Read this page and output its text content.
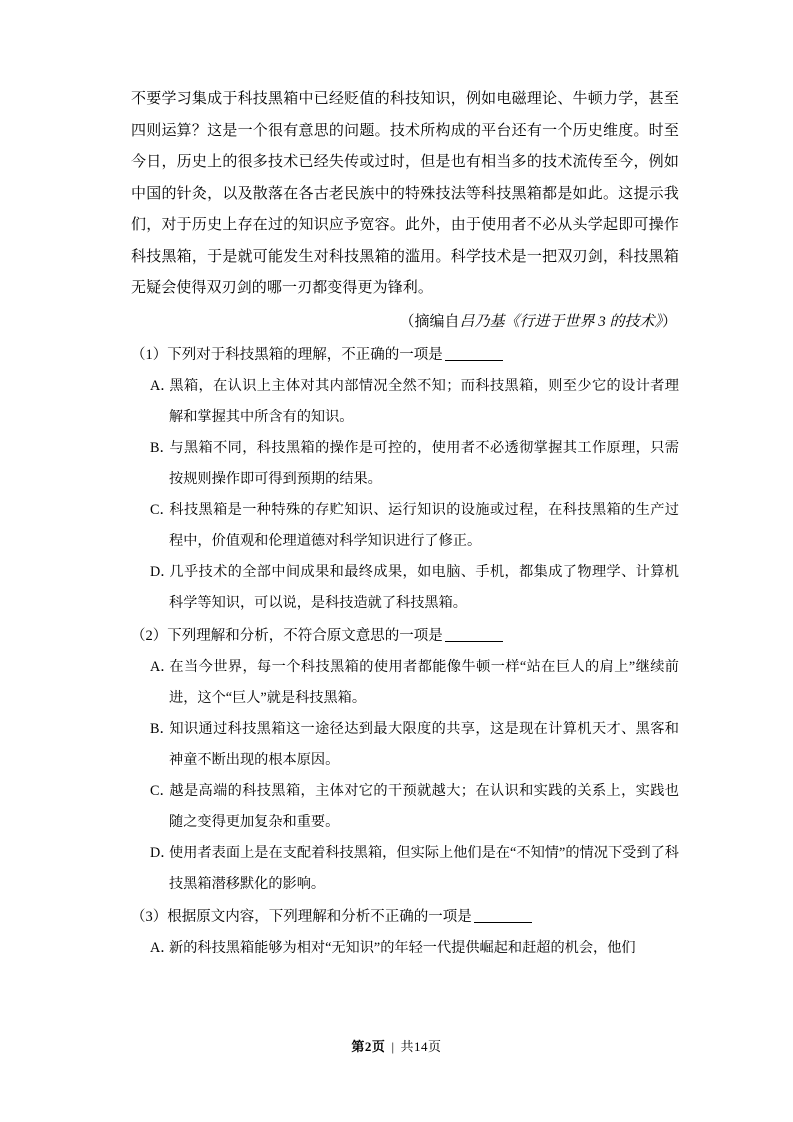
不要学习集成于科技黑箱中已经贬值的科技知识，例如电磁理论、牛顿力学，甚至四则运算？这是一个很有意思的问题。技术所构成的平台还有一个历史维度。时至今日，历史上的很多技术已经失传或过时，但是也有相当多的技术流传至今，例如中国的针灸，以及散落在各古老民族中的特殊技法等科技黑箱都是如此。这提示我们，对于历史上存在过的知识应予宽容。此外，由于使用者不必从头学起即可操作科技黑箱，于是就可能发生对科技黑箱的滥用。科学技术是一把双刃剑，科技黑箱无疑会使得双刃剑的哪一刃都变得更为锋利。

（摘编自吕乃基《行进于世界 3 的技术》）

（1）下列对于科技黑箱的理解，不正确的一项是

A．黑箱，在认识上主体对其内部情况全然不知；而科技黑箱，则至少它的设计者理解和掌握其中所含有的知识。

B．与黑箱不同，科技黑箱的操作是可控的，使用者不必透彻掌握其工作原理，只需按规则操作即可得到预期的结果。

C．科技黑箱是一种特殊的存贮知识、运行知识的设施或过程，在科技黑箱的生产过程中，价值观和伦理道德对科学知识进行了修正。

D．几乎技术的全部中间成果和最终成果，如电脑、手机，都集成了物理学、计算机科学等知识，可以说，是科技造就了科技黑箱。

（2）下列理解和分析，不符合原文意思的一项是

A．在当今世界，每一个科技黑箱的使用者都能像牛顿一样“站在巨人的肩上”继续前进，这个“巨人”就是科技黑箱。

B．知识通过科技黑箱这一途径达到最大限度的共享，这是现在计算机天才、黑客和神童不断出现的根本原因。

C．越是高端的科技黑箱，主体对它的干预就越大；在认识和实践的关系上，实践也随之变得更加复杂和重要。

D．使用者表面上是在支配着科技黑箱，但实际上他们是在“不知情”的情况下受到了科技黑箱潜移默化的影响。

（3）根据原文内容，下列理解和分析不正确的一项是

A．新的科技黑箱能够为相对“无知识”的年轻一代提供崛起和赶超的机会，他们

第2页 | 共14页
